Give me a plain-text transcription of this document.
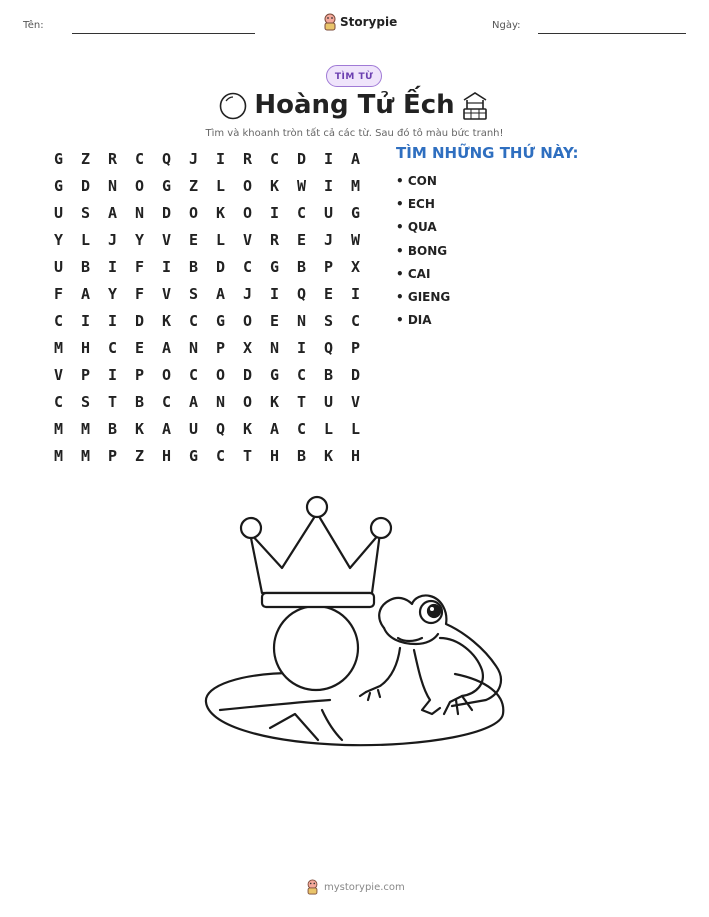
Tên:	Storypie	Ngày:
TÌM TỪ
Hoàng Tử Ếch
Tìm và khoanh tròn tất cả các từ. Sau đó tô màu bức tranh!
G	Z	R	C	Q	J	I	R	C	D	I	A
G	D	N	O	G	Z	L	O	K	W	I	M
U	S	A	N	D	O	K	O	I	C	U	G
Y	L	J	Y	V	E	L	V	R	E	J	W
U	B	I	F	I	B	D	C	G	B	P	X
F	A	Y	F	V	S	A	J	I	Q	E	I
C	I	I	D	K	C	G	O	E	N	S	C
M	H	C	E	A	N	P	X	N	I	Q	P
V	P	I	P	O	C	O	D	G	C	B	D
C	S	T	B	C	A	N	O	K	T	U	V
M	M	B	K	A	U	Q	K	A	C	L	L
M	M	P	Z	H	G	C	T	H	B	K	H
TÌM NHỮNG THỨ NÀY:
• CON
• ECH
• QUA
• BONG
• CAI
• GIENG
• DIA
mystorypie.com
